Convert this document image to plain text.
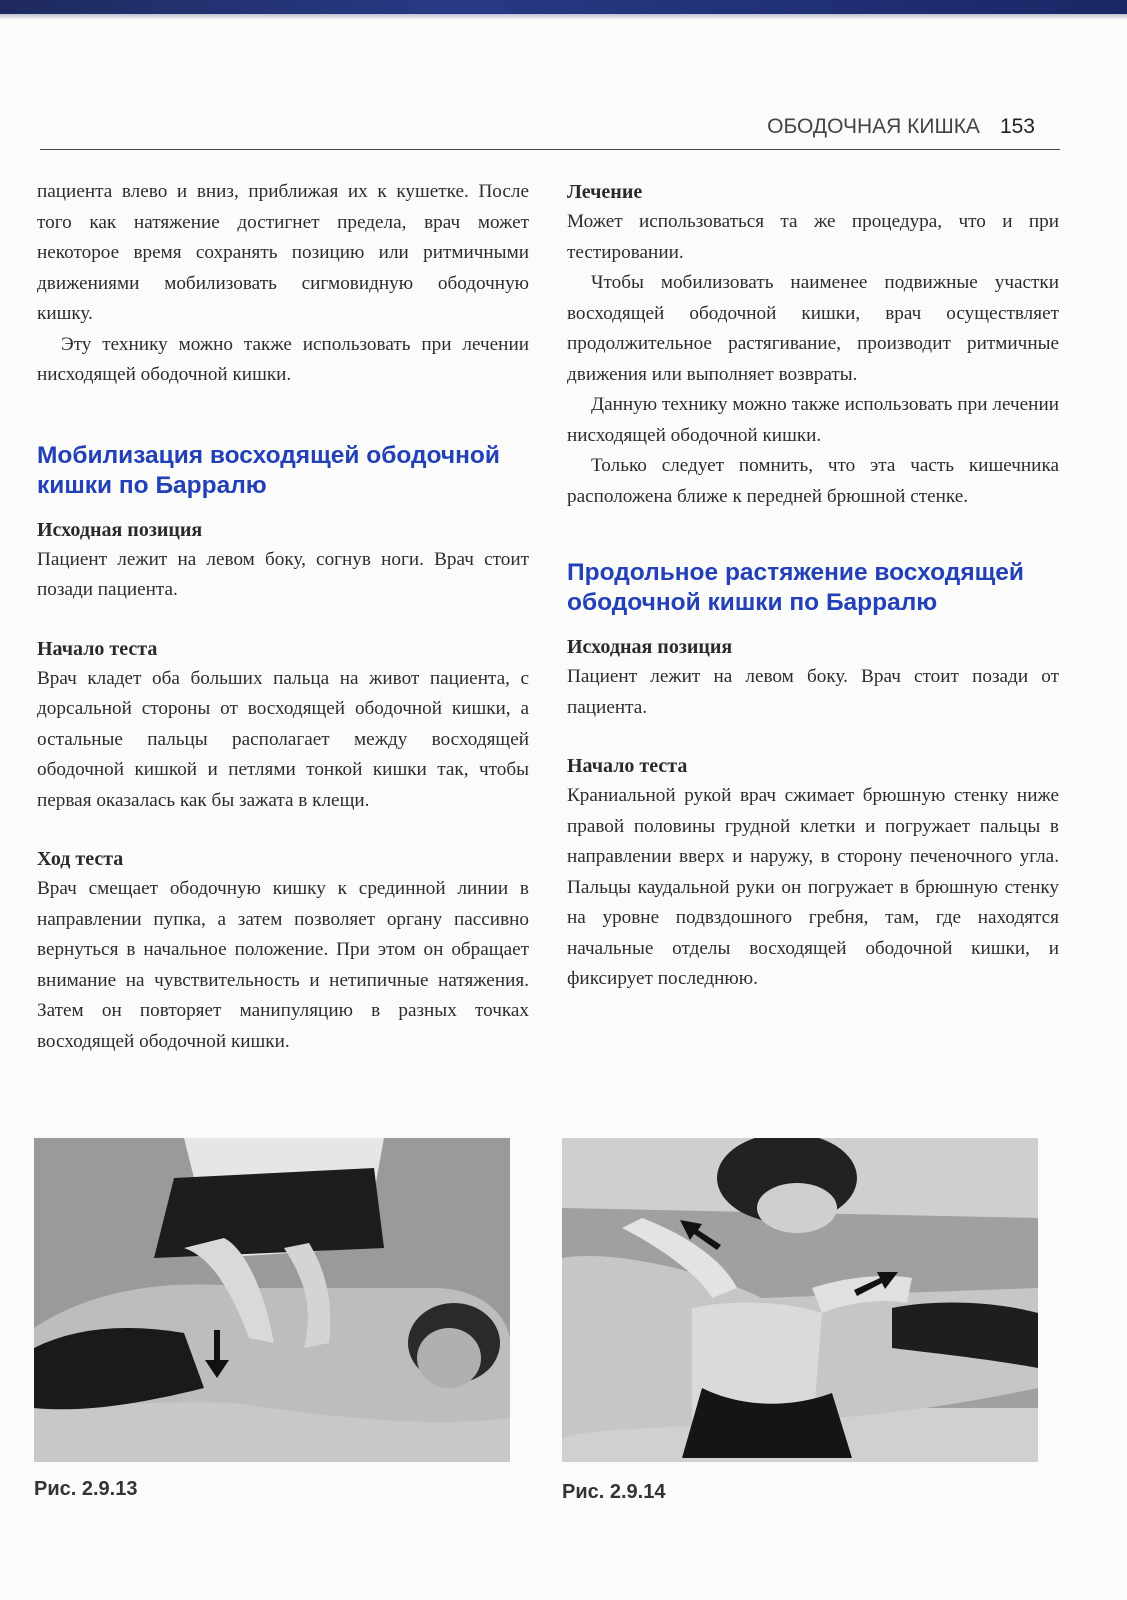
ОБОДОЧНАЯ КИШКА 153

пациента влево и вниз, приближая их к кушетке. После того как натяжение достигнет предела, врач может некоторое время сохранять позицию или ритмичными движениями мобилизовать сигмовидную ободочную кишку.

Эту технику можно также использовать при лечении нисходящей ободочной кишки.

Мобилизация восходящей ободочной кишки по Барралю
Исходная позиция

Пациент лежит на левом боку, согнув ноги. Врач стоит позади пациента.

Начало теста

Врач кладет оба больших пальца на живот пациента, с дорсальной стороны от восходящей ободочной кишки, а остальные пальцы располагает между восходящей ободочной кишкой и петлями тонкой кишки так, чтобы первая оказалась как бы зажата в клещи.

Ход теста

Врач смещает ободочную кишку к срединной линии в направлении пупка, а затем позволяет органу пассивно вернуться в начальное положение. При этом он обращает внимание на чувствительность и нетипичные натяжения. Затем он повторяет манипуляцию в разных точках восходящей ободочной кишки.

Лечение

Может использоваться та же процедура, что и при тестировании.

Чтобы мобилизовать наименее подвижные участки восходящей ободочной кишки, врач осуществляет продолжительное растягивание, производит ритмичные движения или выполняет возвраты.

Данную технику можно также использовать при лечении нисходящей ободочной кишки.

Только следует помнить, что эта часть кишечника расположена ближе к передней брюшной стенке.

Продольное растяжение восходящей ободочной кишки по Барралю
Исходная позиция

Пациент лежит на левом боку. Врач стоит позади от пациента.

Начало теста

Краниальной рукой врач сжимает брюшную стенку ниже правой половины грудной клетки и погружает пальцы в направлении вверх и наружу, в сторону печеночного угла. Пальцы каудальной руки он погружает в брюшную стенку на уровне подвздошного гребня, там, где находятся начальные отделы восходящей ободочной кишки, и фиксирует последнюю.

Рис. 2.9.13	Рис. 2.9.14
